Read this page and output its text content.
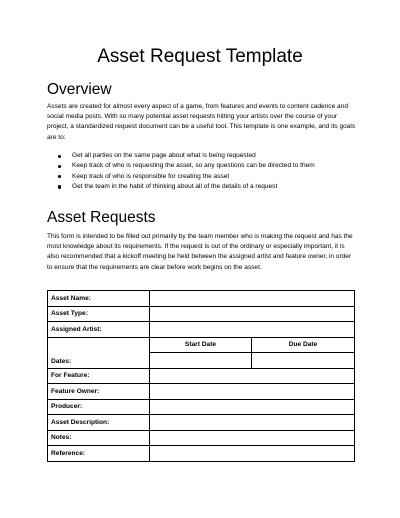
Asset Request Template
Overview

Assets are created for almost every aspect of a game, from features and events to content cadence and social media posts. With so many potential asset requests hitting your artists over the course of your project, a standardized request document can be a useful tool. This template is one example, and its goals are to:

Get all parties on the same page about what is being requested
Keep track of who is requesting the asset, so any questions can be directed to them
Keep track of who is responsible for creating the asset
Get the team in the habit of thinking about all of the details of a request
Asset Requests

This form is intended to be filled out primarily by the team member who is making the request and has the most knowledge about its requirements. If the request is out of the ordinary or especially important, it is also recommended that a kickoff meeting be held between the assigned artist and feature owner, in order to ensure that the requirements are clear before work begins on the asset.

Asset Name:		
Asset Type:		
Assigned Artist:		
Dates:	Start Date	Due Date

For Feature:		
Feature Owner:		
Producer:		
Asset Description:		
Notes:		
Reference:		
